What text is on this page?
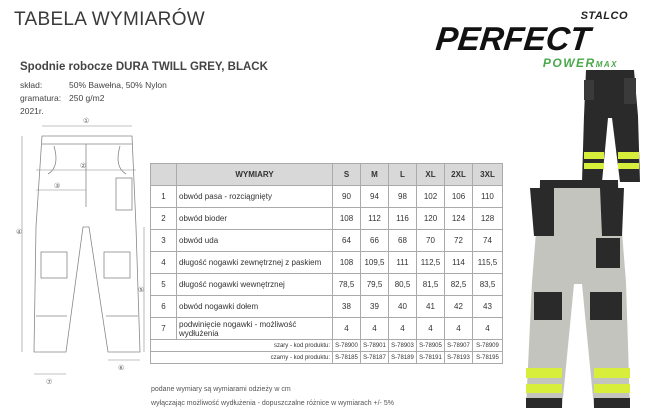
TABELA WYMIARÓW	STALCO
PERFECT
POWERMAX
Spodnie robocze DURA TWILL GREY, BLACK
skład:	50% Bawełna, 50% Nylon
gramatura: 250 g/m2
2021r.
①
②
③
④
⑤
⑥
⑦
	WYMIARY	S	M	L	XL	2XL	3XL
1	obwód pasa - rozciągnięty	90	94	98	102	106	110
2	obwód bioder	108	112	116	120	124	128
3	obwód uda	64	66	68	70	72	74
4	długość nogawki zewnętrznej z paskiem	108	109,5	111	112,5	114	115,5
5	długość nogawki wewnętrznej	78,5	79,5	80,5	81,5	82,5	83,5
6	obwód nogawki dołem	38	39	40	41	42	43
7	podwinięcie nogawki - możliwość wydłużenia	4	4	4	4	4	4
	szary - kod produktu:	S-78900	S-78901	S-78903	S-78905	S-78907	S-78909
	czarny - kod produktu:	S-78185	S-78187	S-78189	S-78191	S-78193	S-78195
podane wymiary są wymiarami odzieży w cm
wyłączając możliwość wydłużenia - dopuszczalne różnice w wymiarach +/- 5%
